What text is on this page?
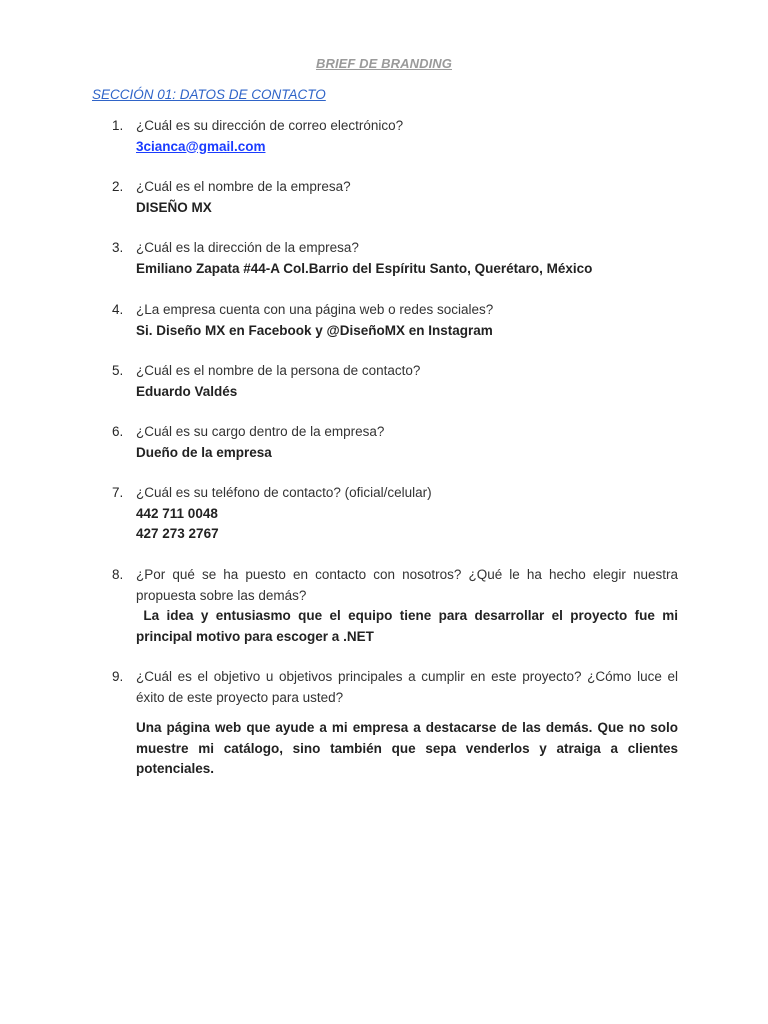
BRIEF DE BRANDING
SECCIÓN 01: DATOS DE CONTACTO
1. ¿Cuál es su dirección de correo electrónico?
3cianca@gmail.com
2. ¿Cuál es el nombre de la empresa?
DISEÑO MX
3. ¿Cuál es la dirección de la empresa?
Emiliano Zapata #44-A Col.Barrio del Espíritu Santo, Querétaro, México
4. ¿La empresa cuenta con una página web o redes sociales?
Si. Diseño MX en Facebook y @DiseñoMX en Instagram
5. ¿Cuál es el nombre de la persona de contacto?
Eduardo Valdés
6. ¿Cuál es su cargo dentro de la empresa?
Dueño de la empresa
7. ¿Cuál es su teléfono de contacto? (oficial/celular)
442 711 0048
427 273 2767
8. ¿Por qué se ha puesto en contacto con nosotros? ¿Qué le ha hecho elegir nuestra propuesta sobre las demás?
La idea y entusiasmo que el equipo tiene para desarrollar el proyecto fue mi principal motivo para escoger a .NET
9. ¿Cuál es el objetivo u objetivos principales a cumplir en este proyecto? ¿Cómo luce el éxito de este proyecto para usted?
Una página web que ayude a mi empresa a destacarse de las demás. Que no solo muestre mi catálogo, sino también que sepa venderlos y atraiga a clientes potenciales.
